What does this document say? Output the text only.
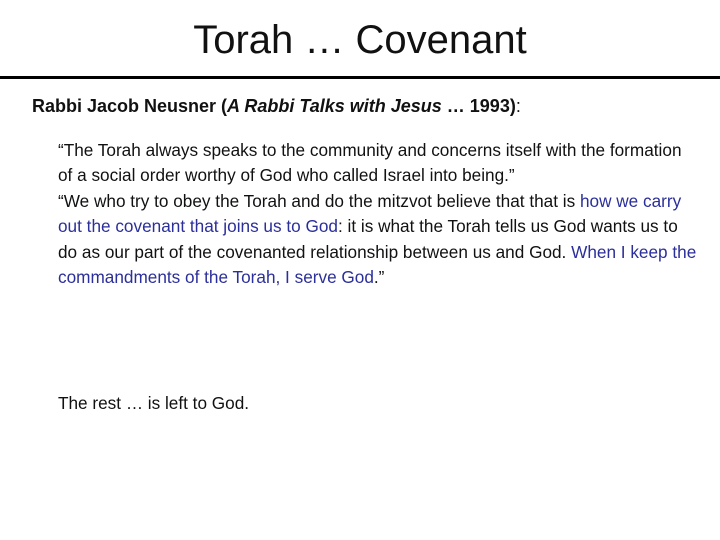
Torah … Covenant
Rabbi Jacob Neusner (A Rabbi Talks with Jesus … 1993):

“The Torah always speaks to the community and concerns itself with the formation of a social order worthy of God who called Israel into being.”

“We who try to obey the Torah and do the mitzvot believe that that is how we carry out the covenant that joins us to God: it is what the Torah tells us God wants us to do as our part of the covenanted relationship between us and God. When I keep the commandments of the Torah, I serve God.”

The rest … is left to God.
